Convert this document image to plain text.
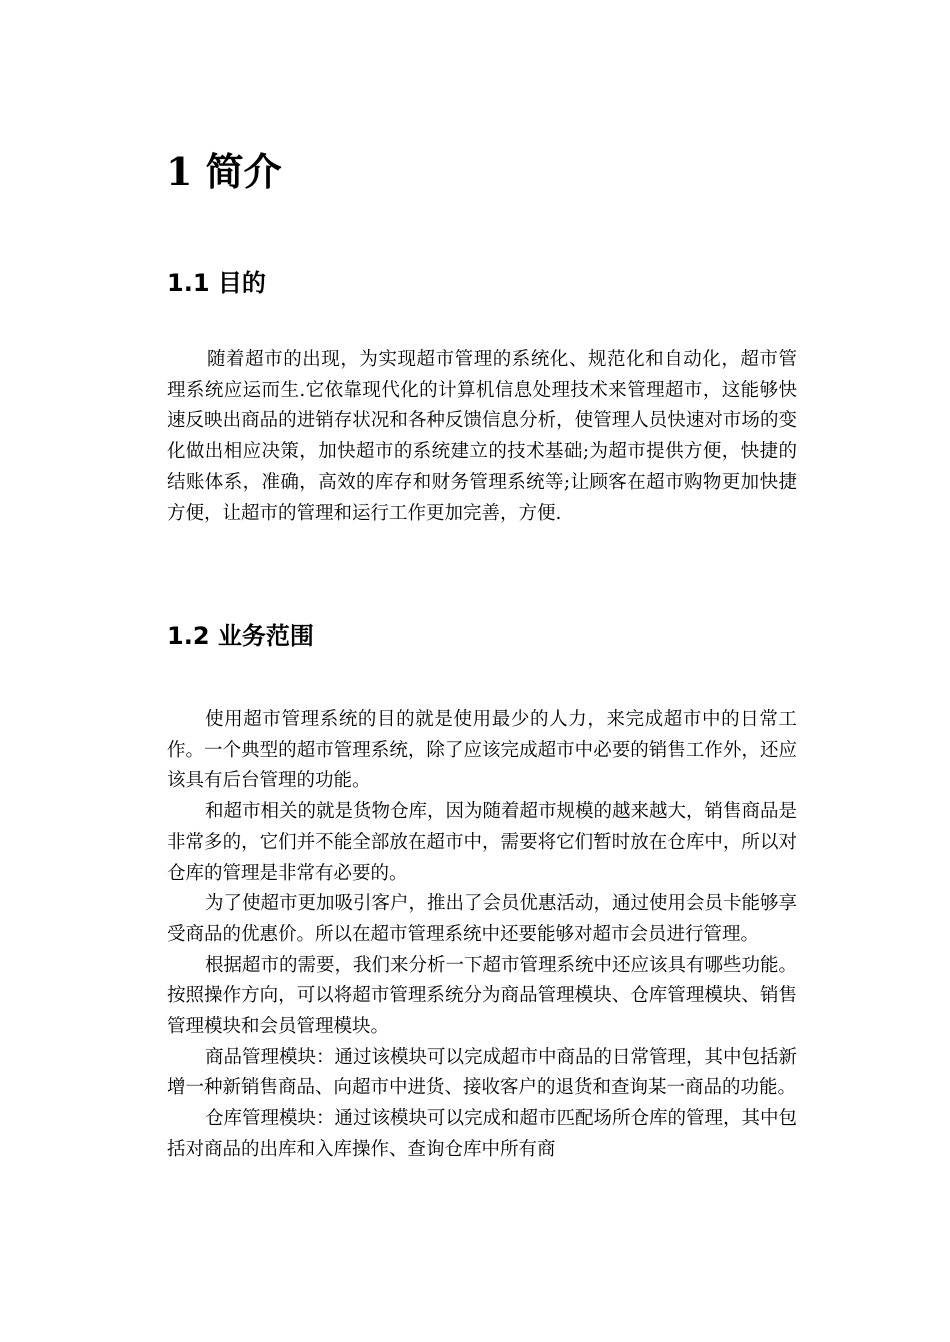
1 简介
1.1 目的

随着超市的出现，为实现超市管理的系统化、规范化和自动化，超市管理系统应运而生.它依靠现代化的计算机信息处理技术来管理超市，这能够快速反映出商品的进销存状况和各种反馈信息分析，使管理人员快速对市场的变化做出相应决策，加快超市的系统建立的技术基础;为超市提供方便，快捷的结账体系，准确，高效的库存和财务管理系统等;让顾客在超市购物更加快捷方便，让超市的管理和运行工作更加完善，方便.

1.2 业务范围

使用超市管理系统的目的就是使用最少的人力，来完成超市中的日常工作。一个典型的超市管理系统，除了应该完成超市中必要的销售工作外，还应该具有后台管理的功能。

和超市相关的就是货物仓库，因为随着超市规模的越来越大，销售商品是非常多的，它们并不能全部放在超市中，需要将它们暂时放在仓库中，所以对仓库的管理是非常有必要的。

为了使超市更加吸引客户，推出了会员优惠活动，通过使用会员卡能够享受商品的优惠价。所以在超市管理系统中还要能够对超市会员进行管理。

根据超市的需要，我们来分析一下超市管理系统中还应该具有哪些功能。按照操作方向，可以将超市管理系统分为商品管理模块、仓库管理模块、销售管理模块和会员管理模块。

商品管理模块：通过该模块可以完成超市中商品的日常管理，其中包括新增一种新销售商品、向超市中进货、接收客户的退货和查询某一商品的功能。

仓库管理模块：通过该模块可以完成和超市匹配场所仓库的管理，其中包括对商品的出库和入库操作、查询仓库中所有商
